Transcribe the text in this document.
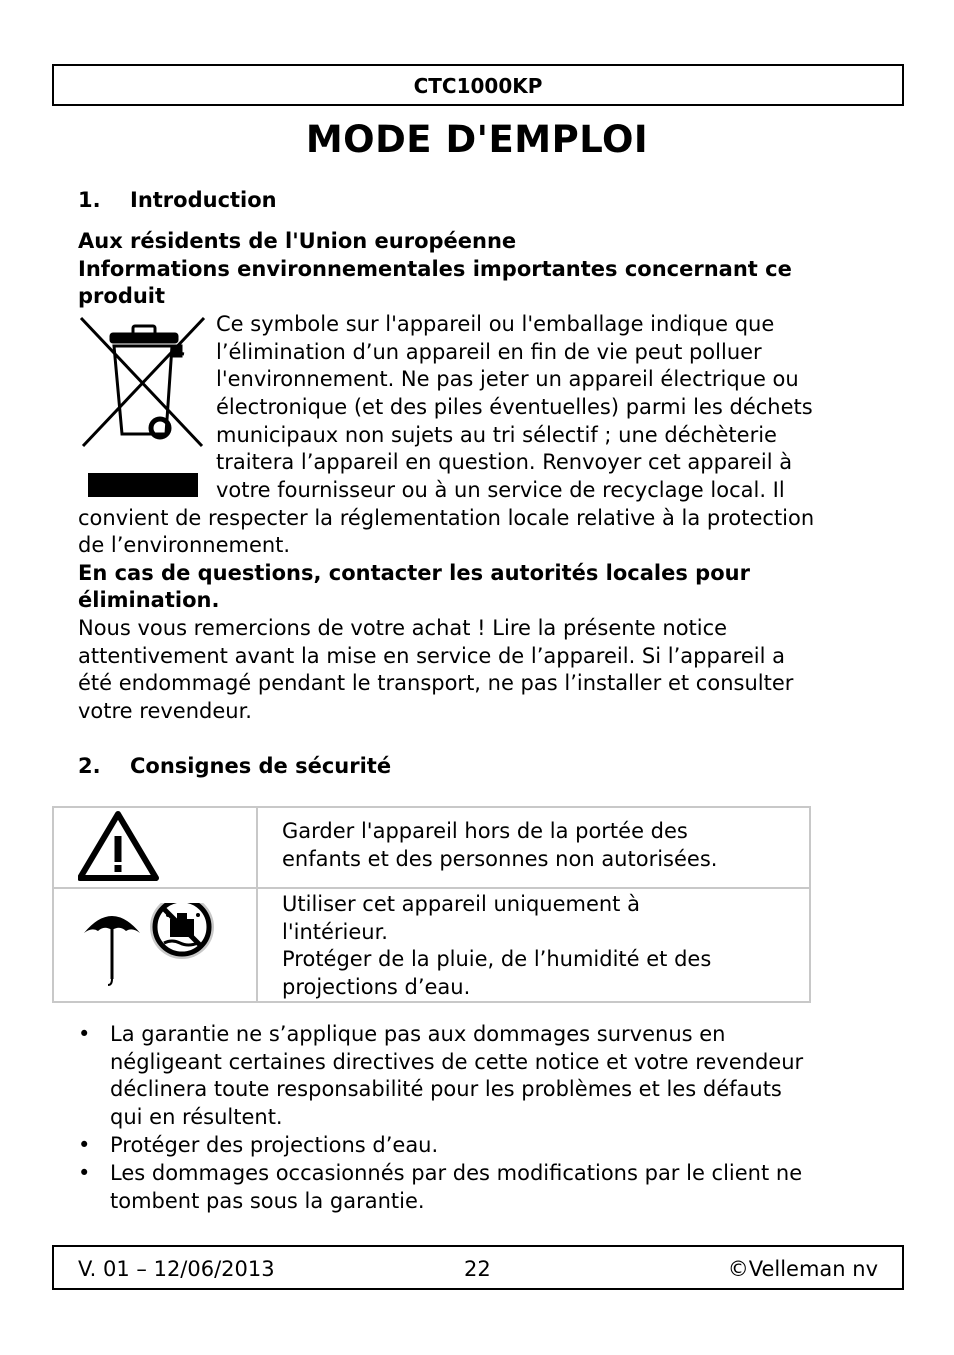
CTC1000KP
MODE D'EMPLOI
1. Introduction
Aux résidents de l'Union européenne
Informations environnementales importantes concernant ce
produit
Ce symbole sur l'appareil ou l'emballage indique que
l’élimination d’un appareil en fin de vie peut polluer
l'environnement. Ne pas jeter un appareil électrique ou
électronique (et des piles éventuelles) parmi les déchets
municipaux non sujets au tri sélectif ; une déchèterie
traitera l’appareil en question. Renvoyer cet appareil à
votre fournisseur ou à un service de recyclage local. Il
convient de respecter la réglementation locale relative à la protection
de l’environnement.
En cas de questions, contacter les autorités locales pour
élimination.
Nous vous remercions de votre achat ! Lire la présente notice
attentivement avant la mise en service de l’appareil. Si l’appareil a
été endommagé pendant le transport, ne pas l’installer et consulter
votre revendeur.
2. Consignes de sécurité

Garder l'appareil hors de la portée des
enfants et des personnes non autorisées.

Utiliser cet appareil uniquement à
l'intérieur.
Protéger de la pluie, de l’humidité et des
projections d’eau.
• La garantie ne s’applique pas aux dommages survenus en
négligeant certaines directives de cette notice et votre revendeur
déclinera toute responsabilité pour les problèmes et les défauts
qui en résultent.
• Protéger des projections d’eau.
• Les dommages occasionnés par des modifications par le client ne
tombent pas sous la garantie.
V. 01 – 12/06/2013	22	©Velleman nv
